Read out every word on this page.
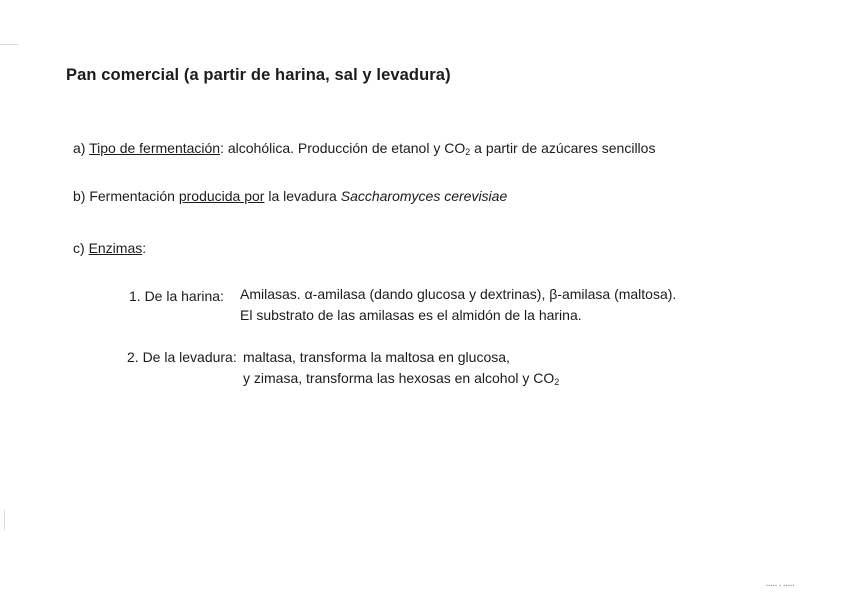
Pan comercial (a partir de harina, sal y levadura)
a) Tipo de fermentación: alcohólica. Producción de etanol y $CO_2$ a partir de azúcares sencillos
b) Fermentación producida por la levadura Saccharomyces cerevisiae
c) Enzimas:
1. De la harina: Amilasas. α-amilasa (dando glucosa y dextrinas), β-amilasa (maltosa).
El substrato de las amilasas es el almidón de la harina.
2. De la levadura: maltasa, transforma la maltosa en glucosa,
y zimasa, transforma las hexosas en alcohol y $CO_2$
▪▪▪▪▪ ▪ ▪▪▪▪▪
